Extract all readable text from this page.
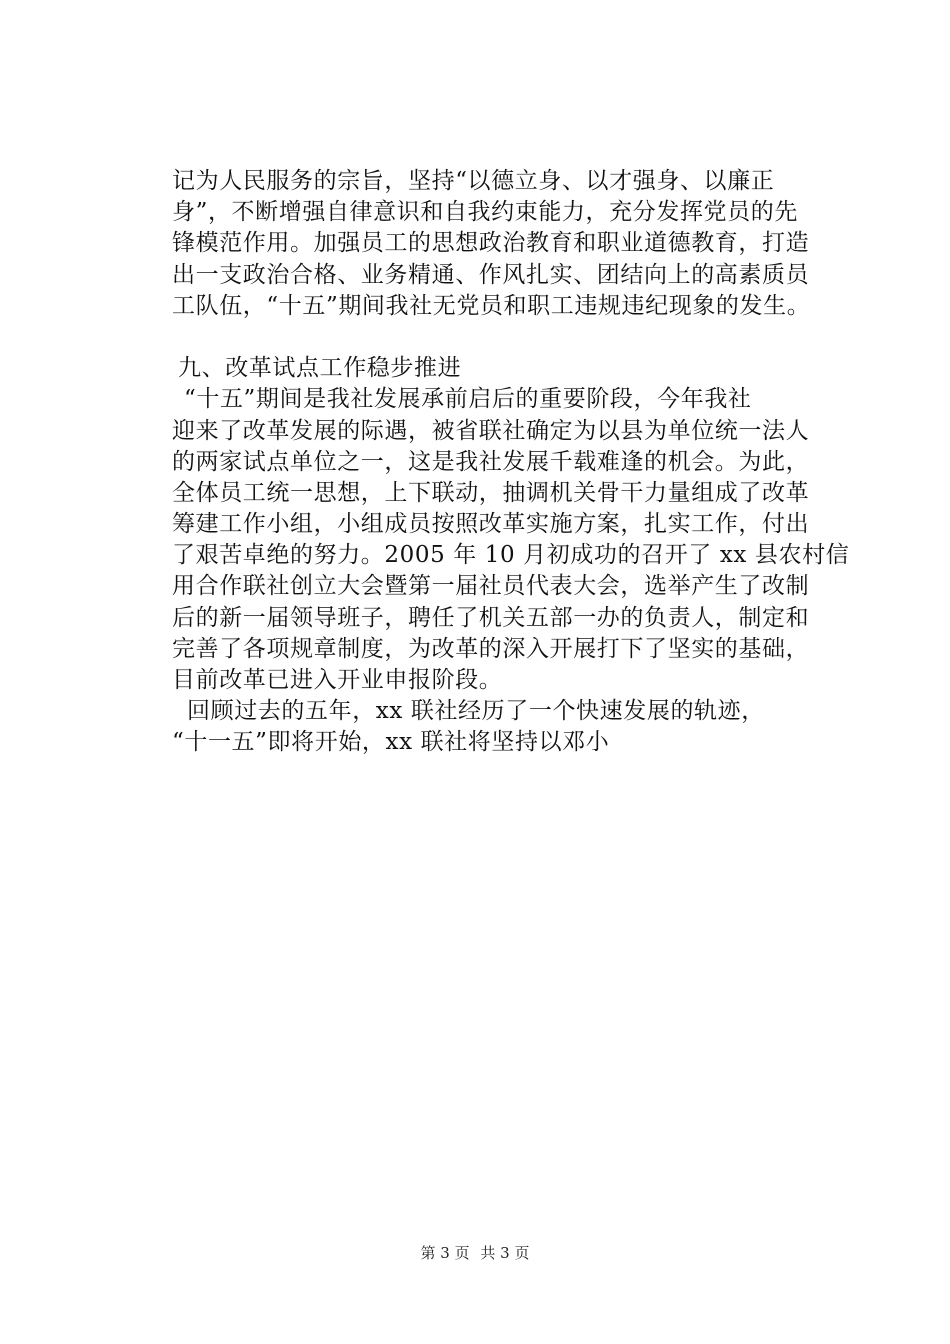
记为人民服务的宗旨，坚持“以德立身、以才强身、以廉正
身”，不断增强自律意识和自我约束能力，充分发挥党员的先
锋模范作用。加强员工的思想政治教育和职业道德教育，打造
出一支政治合格、业务精通、作风扎实、团结向上的高素质员
工队伍，“十五”期间我社无党员和职工违规违纪现象的发生。
九、改革试点工作稳步推进
“十五”期间是我社发展承前启后的重要阶段，今年我社
迎来了改革发展的际遇，被省联社确定为以县为单位统一法人
的两家试点单位之一，这是我社发展千载难逢的机会。为此，
全体员工统一思想，上下联动，抽调机关骨干力量组成了改革
筹建工作小组，小组成员按照改革实施方案，扎实工作，付出
了艰苦卓绝的努力。2005 年 10 月初成功的召开了 xx 县农村信
用合作联社创立大会暨第一届社员代表大会，选举产生了改制
后的新一届领导班子，聘任了机关五部一办的负责人，制定和
完善了各项规章制度，为改革的深入开展打下了坚实的基础，
目前改革已进入开业申报阶段。
回顾过去的五年，xx 联社经历了一个快速发展的轨迹，
“十一五”即将开始，xx 联社将坚持以邓小
第 3 页 共 3 页
